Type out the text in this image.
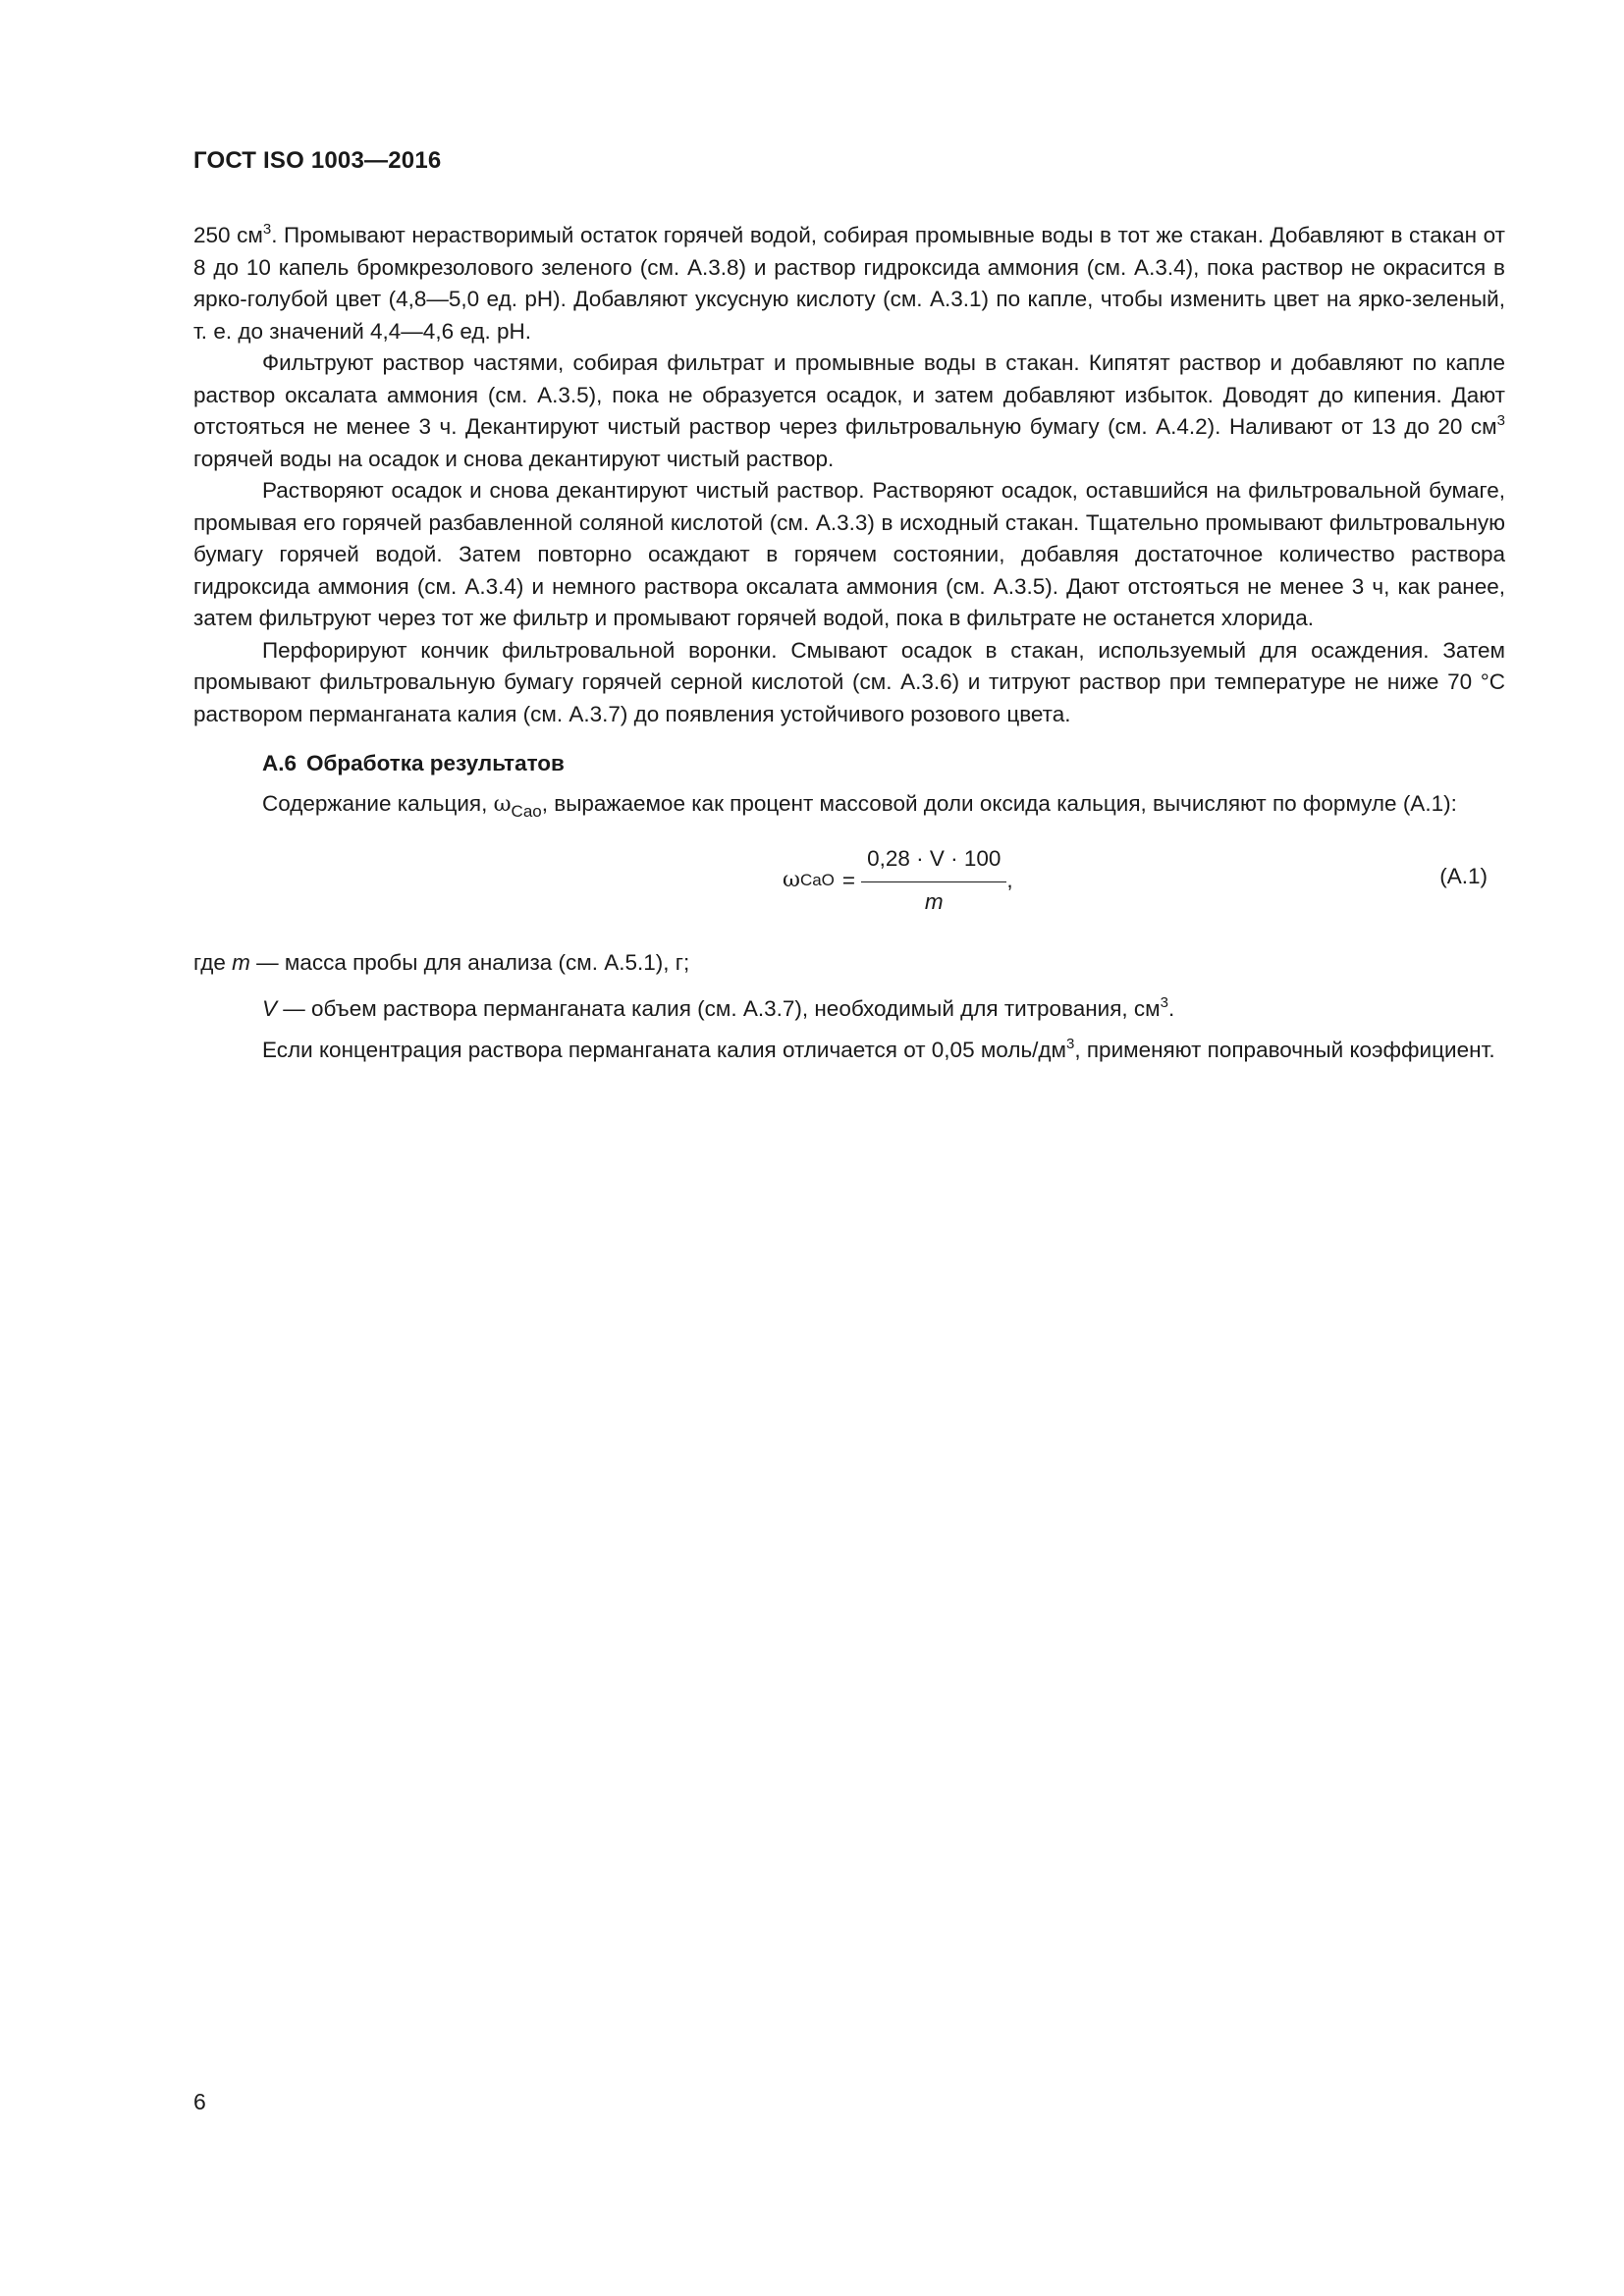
ГОСТ ISO 1003—2016

250 $см^3$. Промывают нерастворимый остаток горячей водой, собирая промывные воды в тот же стакан. Добавляют в стакан от 8 до 10 капель бромкрезолового зеленого (см. А.3.8) и раствор гидроксида аммония (см. А.3.4), пока раствор не окрасится в ярко-голубой цвет (4,8—5,0 ед. рН). Добавляют уксусную кислоту (см. А.3.1) по капле, чтобы изменить цвет на ярко-зеленый, т. е. до значений 4,4—4,6 ед. рН.

Фильтруют раствор частями, собирая фильтрат и промывные воды в стакан. Кипятят раствор и добавляют по капле раствор оксалата аммония (см. А.3.5), пока не образуется осадок, и затем добавляют избыток. Доводят до кипения. Дают отстояться не менее 3 ч. Декантируют чистый раствор через фильтровальную бумагу (см. А.4.2). Наливают от 13 до 20 $см^3$ горячей воды на осадок и снова декантируют чистый раствор.

Растворяют осадок и снова декантируют чистый раствор. Растворяют осадок, оставшийся на фильтровальной бумаге, промывая его горячей разбавленной соляной кислотой (см. А.3.3) в исходный стакан. Тщательно промывают фильтровальную бумагу горячей водой. Затем повторно осаждают в горячем состоянии, добавляя достаточное количество раствора гидроксида аммония (см. А.3.4) и немного раствора оксалата аммония (см. А.3.5). Дают отстояться не менее 3 ч, как ранее, затем фильтруют через тот же фильтр и промывают горячей водой, пока в фильтрате не останется хлорида.

Перфорируют кончик фильтровальной воронки. Смывают осадок в стакан, используемый для осаждения. Затем промывают фильтровальную бумагу горячей серной кислотой (см. А.3.6) и титруют раствор при температуре не ниже 70 °С раствором перманганата калия (см. А.3.7) до появления устойчивого розового цвета.

А.6 Обработка результатов

Содержание кальция, $\omega_{Cao}$, выражаемое как процент массовой доли оксида кальция, вычисляют по формуле (А.1):

ω CaO = $\frac{0,28 \cdot V \cdot 100}{m}$ ,	(А.1)

где m — масса пробы для анализа (см. А.5.1), г;

V — объем раствора перманганата калия (см. А.3.7), необходимый для титрования, $см^3$.

Если концентрация раствора перманганата калия отличается от 0,05 моль/$дм^3$, применяют поправочный коэффициент.

6
